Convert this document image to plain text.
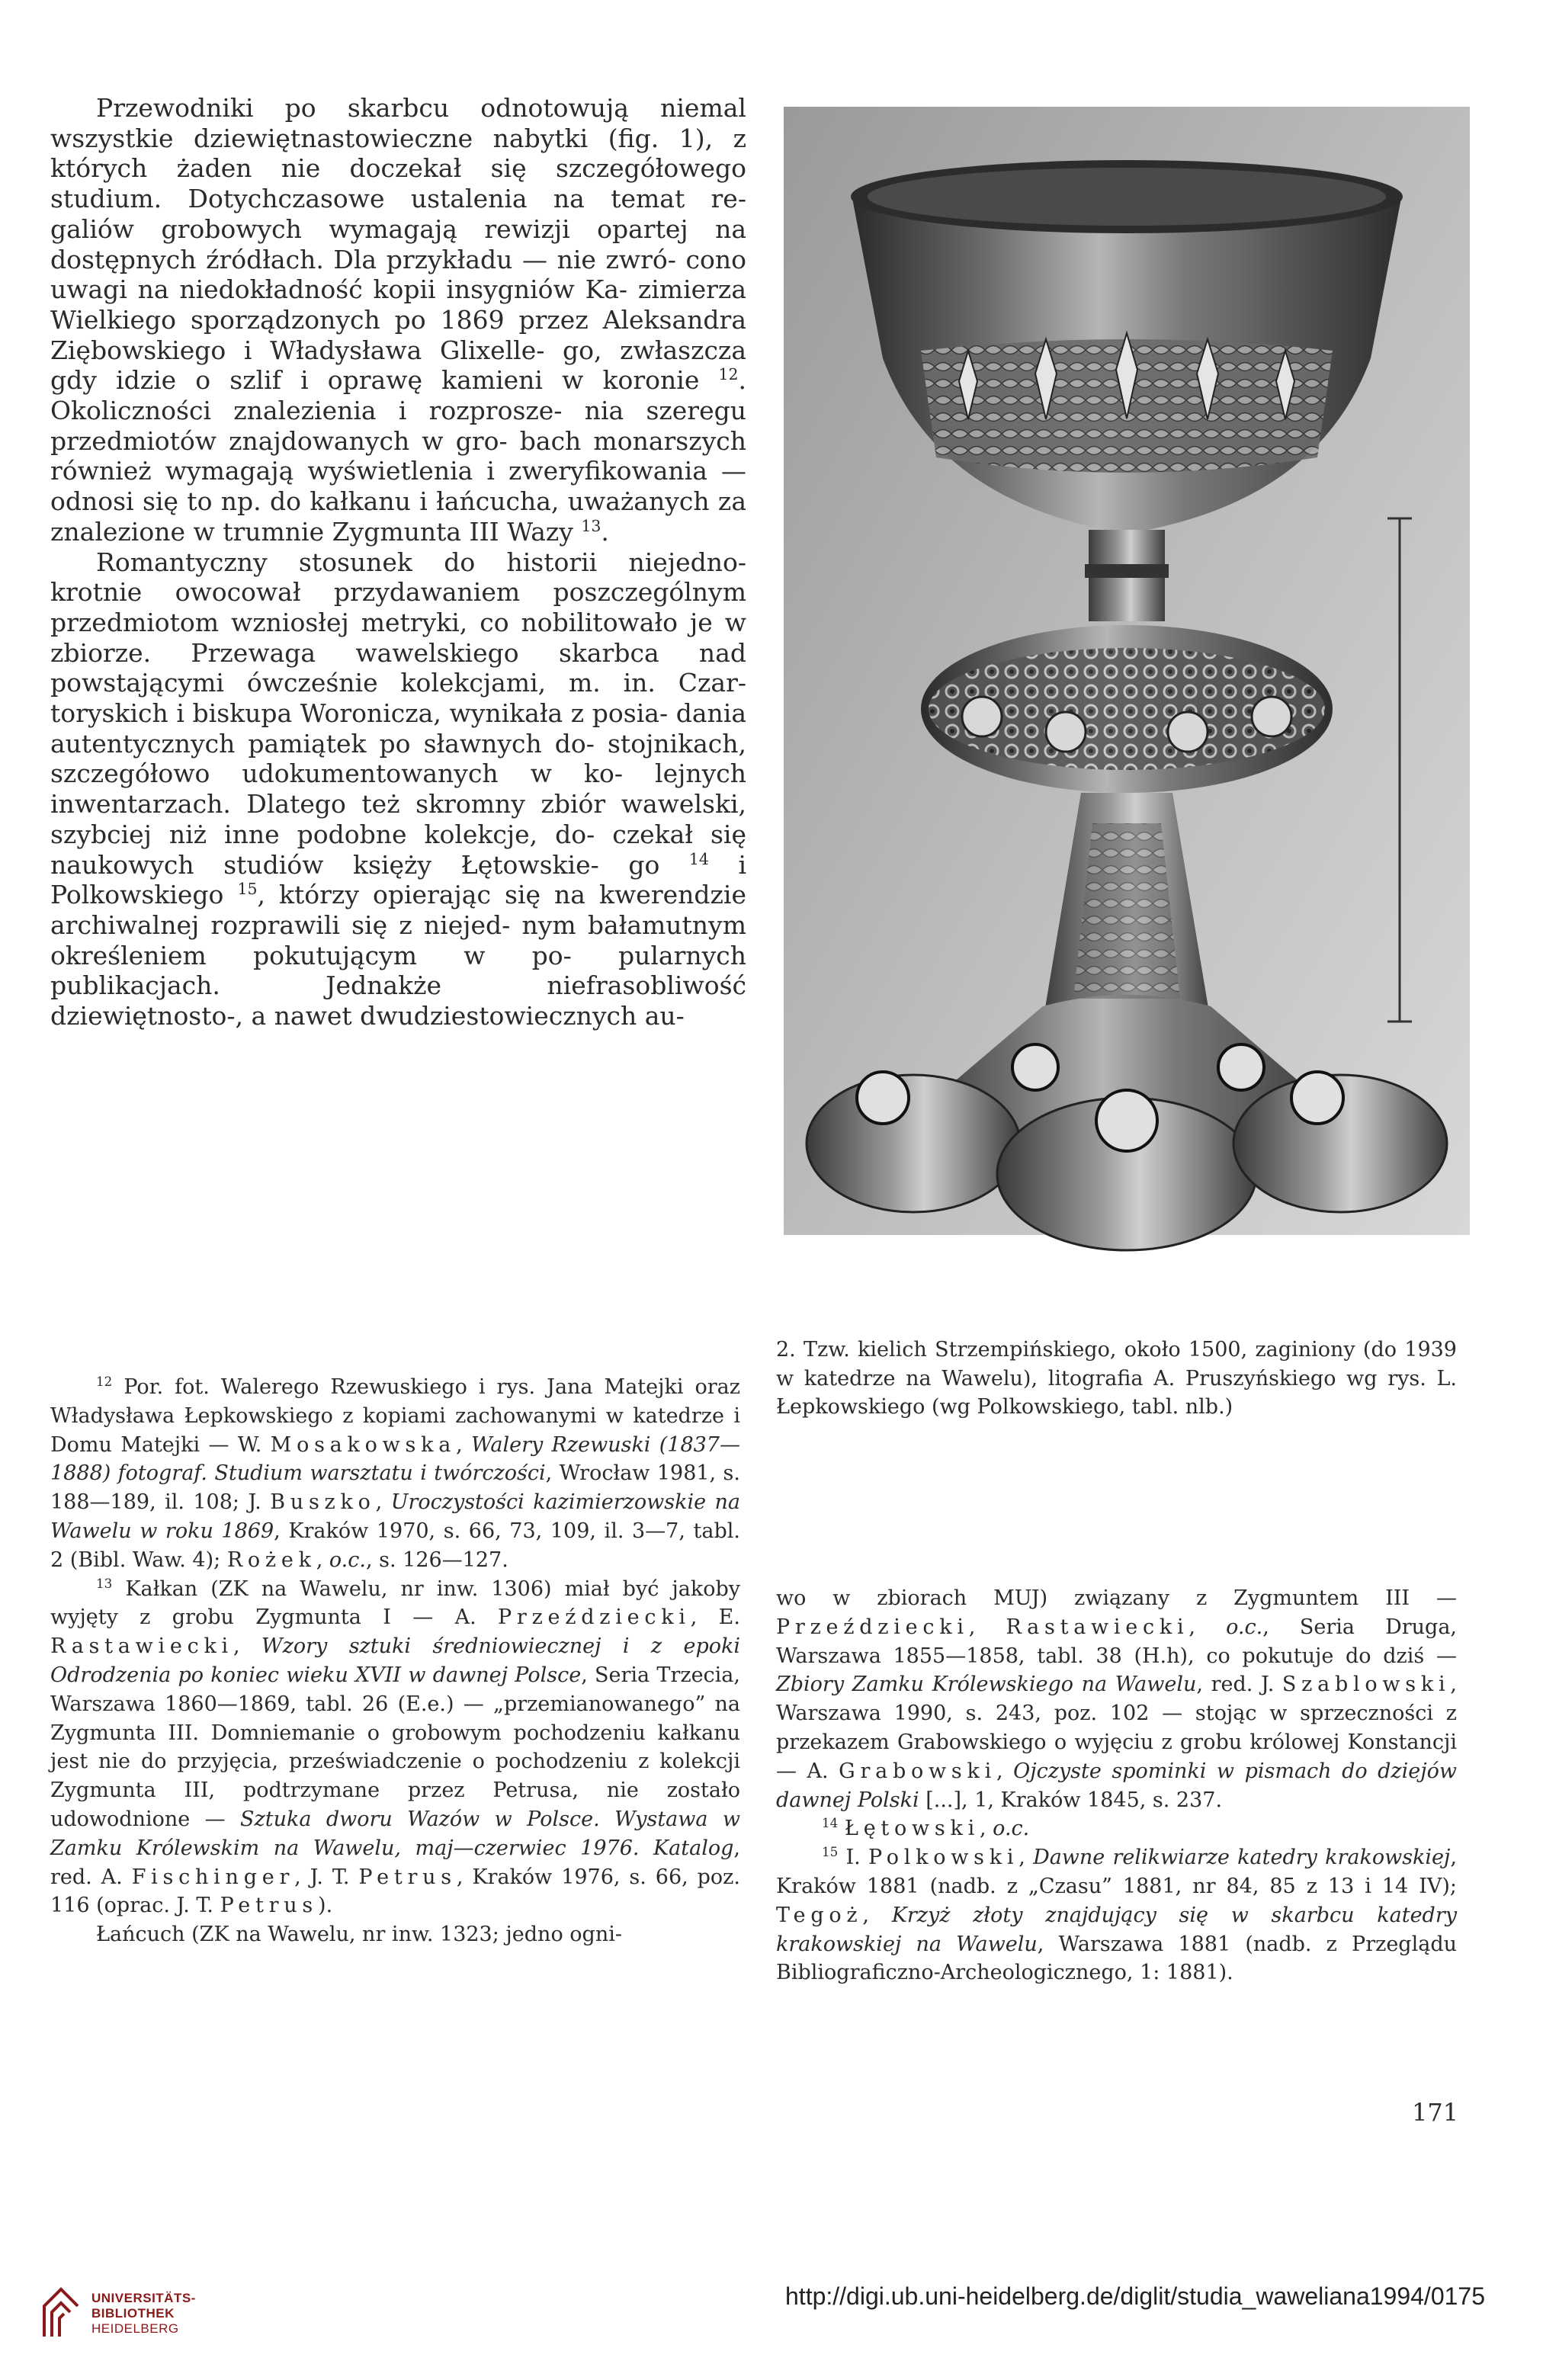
Przewodniki po skarbcu odnotowują niemal wszystkie dziewiętnastowieczne nabytki (fig. 1), z których żaden nie doczekał się szczegółowego studium. Dotychczasowe ustalenia na temat re- galiów grobowych wymagają rewizji opartej na dostępnych źródłach. Dla przykładu — nie zwró- cono uwagi na niedokładność kopii insygniów Ka- zimierza Wielkiego sporządzonych po 1869 przez Aleksandra Ziębowskiego i Władysława Glixelle- go, zwłaszcza gdy idzie o szlif i oprawę kamieni w koronie $^{12}$. Okoliczności znalezienia i rozprosze- nia szeregu przedmiotów znajdowanych w gro- bach monarszych również wymagają wyświetlenia i zweryfikowania — odnosi się to np. do kałkanu i łańcucha, uważanych za znalezione w trumnie Zygmunta III Wazy $^{13}$.

Romantyczny stosunek do historii niejedno- krotnie owocował przydawaniem poszczególnym przedmiotom wzniosłej metryki, co nobilitowało je w zbiorze. Przewaga wawelskiego skarbca nad powstającymi ówcześnie kolekcjami, m. in. Czar- toryskich i biskupa Woronicza, wynikała z posia- dania autentycznych pamiątek po sławnych do- stojnikach, szczegółowo udokumentowanych w ko- lejnych inwentarzach. Dlatego też skromny zbiór wawelski, szybciej niż inne podobne kolekcje, do- czekał się naukowych studiów księży Łętowskie- go $^{14}$ i Polkowskiego $^{15}$, którzy opierając się na kwerendzie archiwalnej rozprawili się z niejed- nym bałamutnym określeniem pokutującym w po- pularnych publikacjach. Jednakże niefrasobliwość dziewiętnosto-, a nawet dwudziestowiecznych au-

2. Tzw. kielich Strzempińskiego, około 1500, zaginiony (do 1939 w katedrze na Wawelu), litografia A. Pruszyńskiego wg rys. L. Łepkowskiego (wg Polkowskiego, tabl. nlb.)

$^{12}$ Por. fot. Walerego Rzewuskiego i rys. Jana Matejki oraz Władysława Łepkowskiego z kopiami zachowanymi w katedrze i Domu Matejki — W. Mosakowska, Walery Rzewuski (1837—1888) fotograf. Studium warsztatu i twórczości, Wrocław 1981, s. 188—189, il. 108; J. Buszko, Uroczystości kazimierzowskie na Wawelu w roku 1869, Kraków 1970, s. 66, 73, 109, il. 3—7, tabl. 2 (Bibl. Waw. 4); Rożek, o.c., s. 126—127.

$^{13}$ Kałkan (ZK na Wawelu, nr inw. 1306) miał być jakoby wyjęty z grobu Zygmunta I — A. Przeździecki, E. Rastawiecki, Wzory sztuki średniowiecznej i z epoki Odrodzenia po koniec wieku XVII w dawnej Polsce, Seria Trzecia, Warszawa 1860—1869, tabl. 26 (E.e.) — „przemianowanego” na Zygmunta III. Domniemanie o grobowym pochodzeniu kałkanu jest nie do przyjęcia, przeświadczenie o pochodzeniu z kolekcji Zygmunta III, podtrzymane przez Petrusa, nie zostało udowodnione — Sztuka dworu Wazów w Polsce. Wystawa w Zamku Królewskim na Wawelu, maj—czerwiec 1976. Katalog, red. A. Fischinger, J. T. Petrus, Kraków 1976, s. 66, poz. 116 (oprac. J. T. Petrus).

Łańcuch (ZK na Wawelu, nr inw. 1323; jedno ogni-

wo w zbiorach MUJ) związany z Zygmuntem III — Przeździecki, Rastawiecki, o.c., Seria Druga, Warszawa 1855—1858, tabl. 38 (H.h), co pokutuje do dziś — Zbiory Zamku Królewskiego na Wawelu, red. J. Szablowski, Warszawa 1990, s. 243, poz. 102 — stojąc w sprzeczności z przekazem Grabowskiego o wyjęciu z grobu królowej Konstancji — A. Grabowski, Ojczyste spominki w pismach do dziejów dawnej Polski [...], 1, Kraków 1845, s. 237.

$^{14}$ Łętowski, o.c.

$^{15}$ I. Polkowski, Dawne relikwiarze katedry krakowskiej, Kraków 1881 (nadb. z „Czasu” 1881, nr 84, 85 z 13 i 14 IV); Tegoż, Krzyż złoty znajdujący się w skarbcu katedry krakowskiej na Wawelu, Warszawa 1881 (nadb. z Przeglądu Bibliograficzno-Archeologicznego, 1: 1881).

171
UNIVERSITÄTS-
BIBLIOTHEK
HEIDELBERG
http://digi.ub.uni-heidelberg.de/diglit/studia_waweliana1994/0175
